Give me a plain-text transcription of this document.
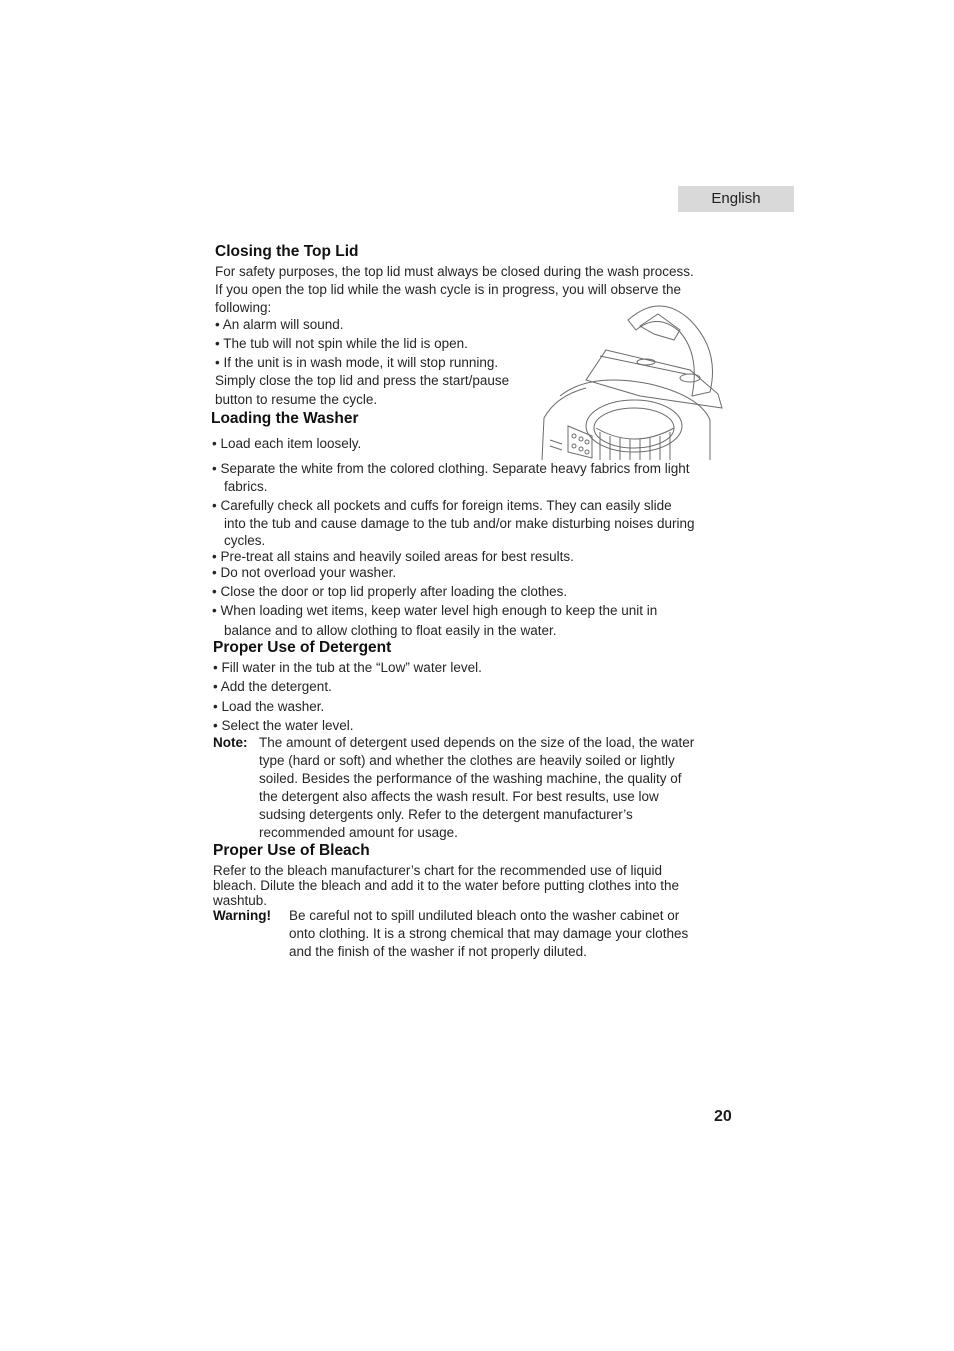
English
Closing the Top Lid
For safety purposes, the top lid must always be closed during the wash process.
If you open the top lid while the wash cycle is in progress, you will observe the
following:
• An alarm will sound.
• The tub will not spin while the lid is open.
• If the unit is in wash mode, it will stop running.
Simply close the top lid and press the start/pause
button to resume the cycle.
Loading the Washer
• Load each item loosely.
• Separate the white from the colored clothing. Separate heavy fabrics from light
fabrics.
• Carefully check all pockets and cuffs for foreign items. They can easily slide
into the tub and cause damage to the tub and/or make disturbing noises during
cycles.
• Pre-treat all stains and heavily soiled areas for best results.
• Do not overload your washer.
• Close the door or top lid properly after loading the clothes.
• When loading wet items, keep water level high enough to keep the unit in
balance and to allow clothing to float easily in the water.
Proper Use of Detergent
• Fill water in the tub at the “Low” water level.
• Add the detergent.
• Load the washer.
• Select the water level.
Note: The amount of detergent used depends on the size of the load, the water
type (hard or soft) and whether the clothes are heavily soiled or lightly
soiled. Besides the performance of the washing machine, the quality of
the detergent also affects the wash result. For best results, use low
sudsing detergents only. Refer to the detergent manufacturer’s
recommended amount for usage.
Proper Use of Bleach
Refer to the bleach manufacturer’s chart for the recommended use of liquid
bleach. Dilute the bleach and add it to the water before putting clothes into the
washtub.
Warning! Be careful not to spill undiluted bleach onto the washer cabinet or
onto clothing. It is a strong chemical that may damage your clothes
and the finish of the washer if not properly diluted.
20
